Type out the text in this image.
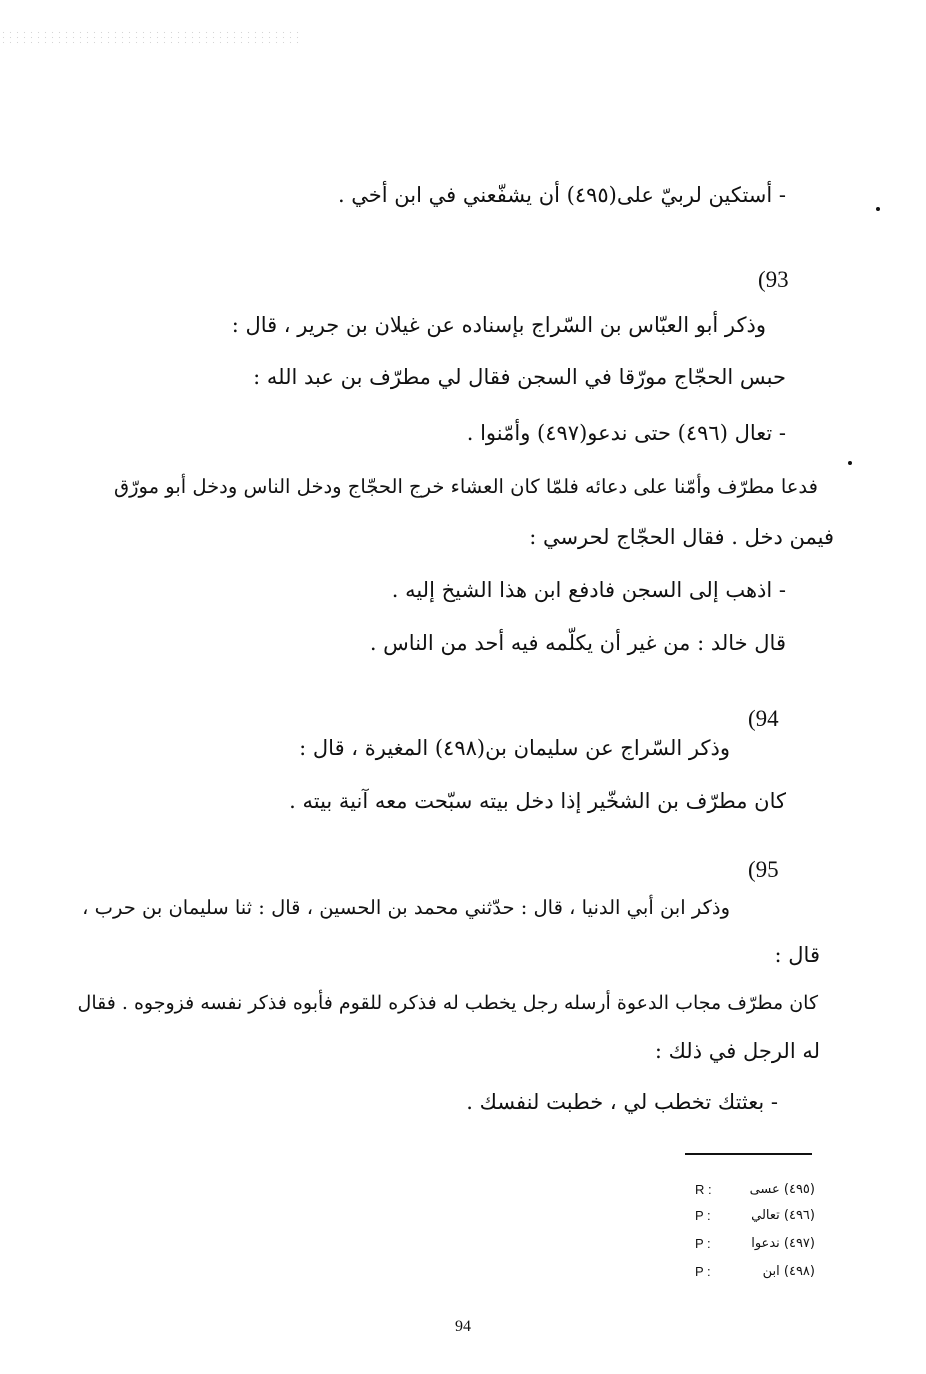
- أستكين لربيّ على(٤٩٥) أن يشفّعني في ابن أخي .
(93
وذكر أبو العبّاس بن السّراج بإسناده عن غيلان بن جرير ، قال :
حبس الحجّاج مورّقا في السجن فقال لي مطرّف بن عبد الله :
- تعال (٤٩٦) حتى ندعو(٤٩٧) وأمّنوا .
فدعا مطرّف وأمّنا على دعائه فلمّا كان العشاء خرج الحجّاج ودخل الناس ودخل أبو مورّق
فيمن دخل . فقال الحجّاج لحرسي :
- اذهب إلى السجن فادفع ابن هذا الشيخ إليه .
قال خالد : من غير أن يكلّمه فيه أحد من الناس .
(94
وذكر السّراج عن سليمان بن(٤٩٨) المغيرة ، قال :
كان مطرّف بن الشخّير إذا دخل بيته سبّحت معه آنية بيته .
(95
وذكر ابن أبي الدنيا ، قال : حدّثني محمد بن الحسين ، قال : ثنا سليمان بن حرب ،
قال :
كان مطرّف مجاب الدعوة أرسله رجل يخطب له فذكره للقوم فأبوه فذكر نفسه فزوجوه . فقال
له الرجل في ذلك :
- بعثتك تخطب لي ، خطبت لنفسك .
R :	(٤٩٥) عسى
P :	(٤٩٦) تعالي
P :	(٤٩٧) ندعوا
P :	(٤٩٨) ابن
94
